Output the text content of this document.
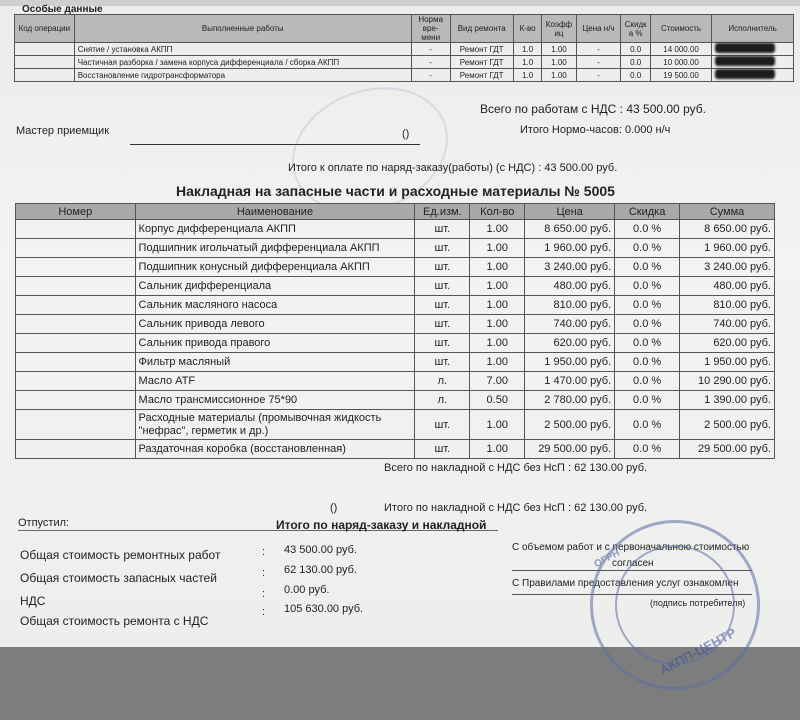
Особые данные
Код операции	Выполненные работы	Норма вре-мени	Вид ремонта	К-во	Коэфф иц	Цена н/ч	Скидк а %	Стоимость	Исполнитель
	Снятие / установка АКПП	-	Ремонт ГДТ	1.0	1.00	-	0.0	14 000.00	
	Частичная разборка / замена корпуса дифференциала / сборка АКПП	-	Ремонт ГДТ	1.0	1.00	-	0.0	10 000.00	
	Восстановление гидротрансформатора	-	Ремонт ГДТ	1.0	1.00	-	0.0	19 500.00	
Всего по работам с НДС : 43 500.00 руб.
Мастер приемщик	()	Итого Нормо-часов: 0.000 н/ч
Итого к оплате по наряд-заказу(работы) (с НДС) : 43 500.00 руб.
Накладная на запасные части и расходные материалы № 5005
Номер	Наименование	Ед.изм.	Кол-во	Цена	Скидка	Сумма
	Корпус дифференциала АКПП	шт.	1.00	8 650.00 руб.	0.0 %	8 650.00 руб.
	Подшипник игольчатый дифференциала АКПП	шт.	1.00	1 960.00 руб.	0.0 %	1 960.00 руб.
	Подшипник конусный дифференциала АКПП	шт.	1.00	3 240.00 руб.	0.0 %	3 240.00 руб.
	Сальник дифференциала	шт.	1.00	480.00 руб.	0.0 %	480.00 руб.
	Сальник масляного насоса	шт.	1.00	810.00 руб.	0.0 %	810.00 руб.
	Сальник привода левого	шт.	1.00	740.00 руб.	0.0 %	740.00 руб.
	Сальник привода правого	шт.	1.00	620.00 руб.	0.0 %	620.00 руб.
	Фильтр масляный	шт.	1.00	1 950.00 руб.	0.0 %	1 950.00 руб.
	Масло ATF	л.	7.00	1 470.00 руб.	0.0 %	10 290.00 руб.
	Масло трансмиссионное 75*90	л.	0.50	2 780.00 руб.	0.0 %	1 390.00 руб.
	Расходные материалы (промывочная жидкость
"нефрас", герметик и др.)	шт.	1.00	2 500.00 руб.	0.0 %	2 500.00 руб.
	Раздаточная коробка (восстановленная)	шт.	1.00	29 500.00 руб.	0.0 %	29 500.00 руб.
Всего по накладной с НДС без НсП : 62 130.00 руб.
()	Итого по накладной с НДС без НсП : 62 130.00 руб.
Отпустил:	Итого по наряд-заказу и накладной
Общая стоимость ремонтных работ	: 43 500.00 руб.
Общая стоимость запасных частей	: 62 130.00 руб.
НДС	: 0.00 руб.
Общая стоимость ремонта с НДС
: 105 630.00 руб.
С объемом работ и с первоначальною стоимостью
согласен
С Правилами предоставления услуг ознакомлен
(подпись потребителя)
ОГРН
АКПП-ЦЕНТР
